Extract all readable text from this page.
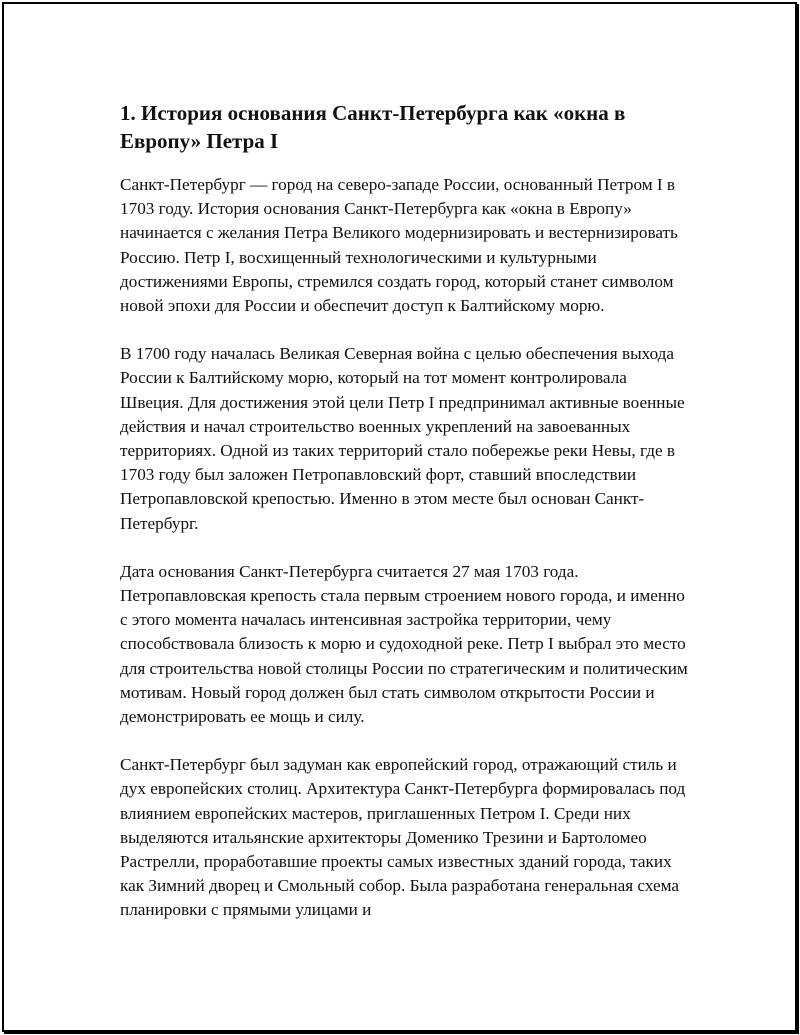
1. История основания Санкт-Петербурга как «окна в Европу» Петра I

Санкт-Петербург — город на северо-западе России, основанный Петром I в 1703 году. История основания Санкт-Петербурга как «окна в Европу» начинается с желания Петра Великого модернизировать и вестернизировать Россию. Петр I, восхищенный технологическими и культурными достижениями Европы, стремился создать город, который станет символом новой эпохи для России и обеспечит доступ к Балтийскому морю.

В 1700 году началась Великая Северная война с целью обеспечения выхода России к Балтийскому морю, который на тот момент контролировала Швеция. Для достижения этой цели Петр I предпринимал активные военные действия и начал строительство военных укреплений на завоеванных территориях. Одной из таких территорий стало побережье реки Невы, где в 1703 году был заложен Петропавловский форт, ставший впоследствии Петропавловской крепостью. Именно в этом месте был основан Санкт-Петербург.

Дата основания Санкт-Петербурга считается 27 мая 1703 года. Петропавловская крепость стала первым строением нового города, и именно с этого момента началась интенсивная застройка территории, чему способствовала близость к морю и судоходной реке. Петр I выбрал это место для строительства новой столицы России по стратегическим и политическим мотивам. Новый город должен был стать символом открытости России и демонстрировать ее мощь и силу.

Санкт-Петербург был задуман как европейский город, отражающий стиль и дух европейских столиц. Архитектура Санкт-Петербурга формировалась под влиянием европейских мастеров, приглашенных Петром I. Среди них выделяются итальянские архитекторы Доменико Трезини и Бартоломео Растрелли, проработавшие проекты самых известных зданий города, таких как Зимний дворец и Смольный собор. Была разработана генеральная схема планировки с прямыми улицами и
